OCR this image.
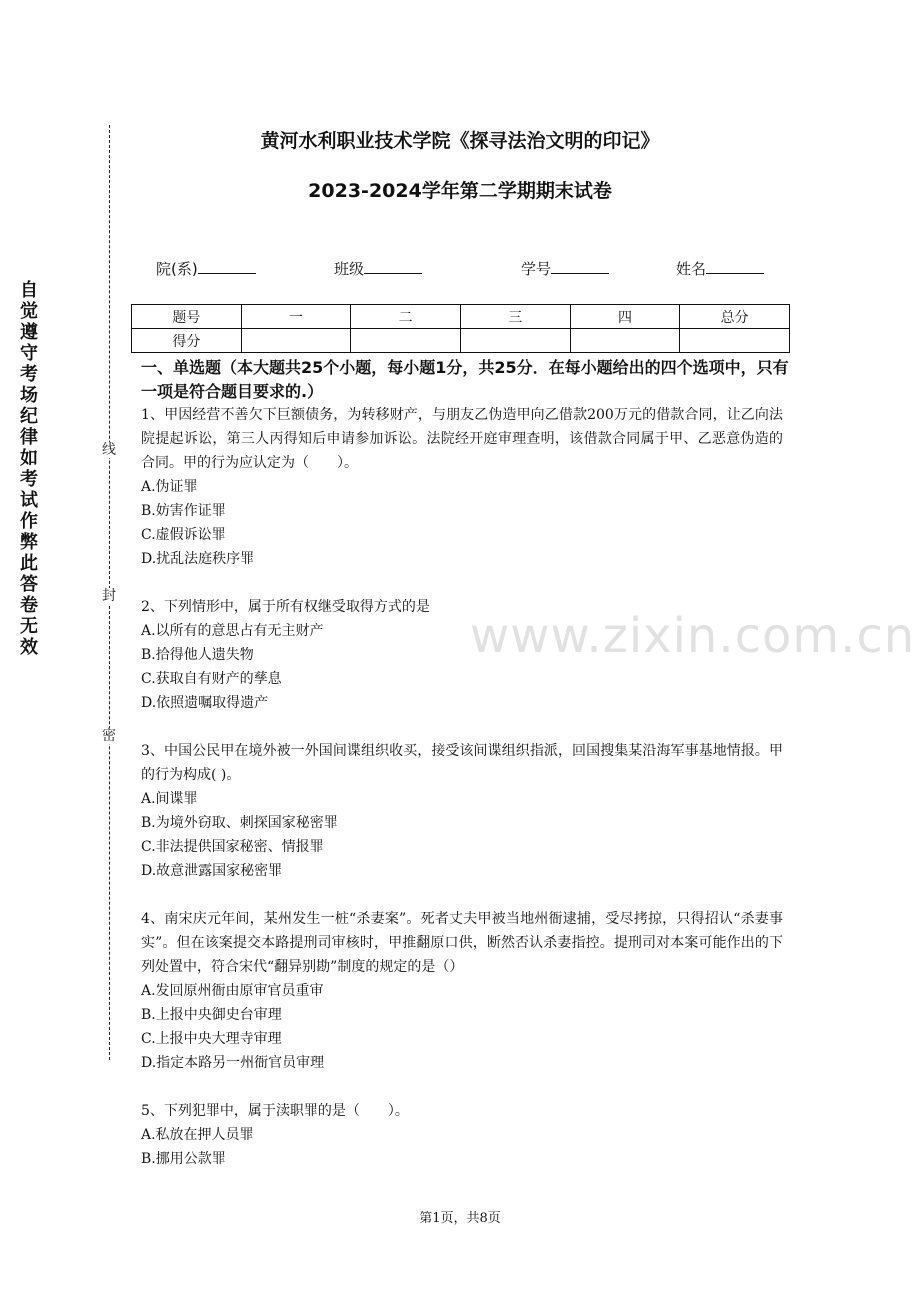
自觉遵守考场纪律如考试作弊此答卷无效
线
封
密
黄河水利职业技术学院《探寻法治文明的印记》
2023-2024学年第二学期期末试卷
院(系)	班级	学号	姓名
题号	一	二	三	四	总分
得分					
一、单选题（本大题共25个小题，每小题1分，共25分．在每小题给出的四个选项中，只有一项是符合题目要求的.）
www.zixin.com.cn

1、甲因经营不善欠下巨额债务，为转移财产，与朋友乙伪造甲向乙借款200万元的借款合同，让乙向法院提起诉讼，第三人丙得知后申请参加诉讼。法院经开庭审理查明，该借款合同属于甲、乙恶意伪造的合同。甲的行为应认定为（　　）。

A.伪证罪
B.妨害作证罪
C.虚假诉讼罪
D.扰乱法庭秩序罪

2、下列情形中，属于所有权继受取得方式的是

A.以所有的意思占有无主财产
B.拾得他人遗失物
C.获取自有财产的孳息
D.依照遗嘱取得遗产

3、中国公民甲在境外被一外国间谍组织收买，接受该间谍组织指派，回国搜集某沿海军事基地情报。甲的行为构成( )。

A.间谍罪
B.为境外窃取、刺探国家秘密罪
C.非法提供国家秘密、情报罪
D.故意泄露国家秘密罪

4、南宋庆元年间，某州发生一桩“杀妻案”。死者丈夫甲被当地州衙逮捕，受尽拷掠，只得招认“杀妻事实”。但在该案提交本路提刑司审核时，甲推翻原口供，断然否认杀妻指控。提刑司对本案可能作出的下列处置中，符合宋代“翻异别勘”制度的规定的是（）

A.发回原州衙由原审官员重审
B.上报中央御史台审理
C.上报中央大理寺审理
D.指定本路另一州衙官员审理

5、下列犯罪中，属于渎职罪的是（　　）。

A.私放在押人员罪
B.挪用公款罪
第1页，共8页
